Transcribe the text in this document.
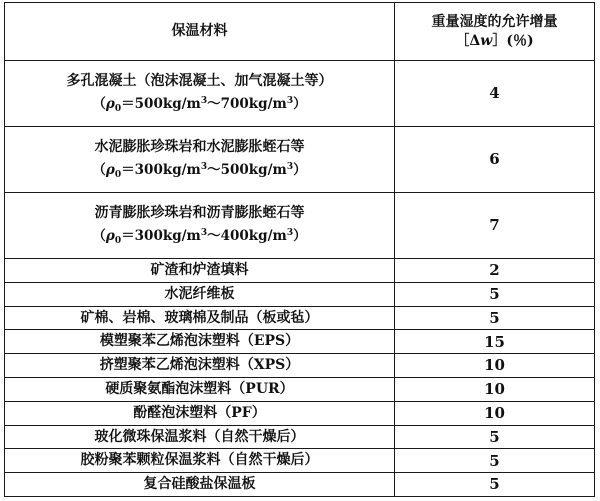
保温材料	重量湿度的允许增量
［Δw］(％)

多孔混凝土（泡沫混凝土、加气混凝土等）
$(\rho_0=500kg/m^3\sim 700kg/m^3)$	4

水泥膨胀珍珠岩和水泥膨胀蛭石等
$(\rho_0=300kg/m^3\sim 500kg/m^3)$	6

沥青膨胀珍珠岩和沥青膨胀蛭石等
$(\rho_0=300kg/m^3\sim 400kg/m^3)$	7
矿渣和炉渣填料	2
水泥纤维板	5
矿棉、岩棉、玻璃棉及制品（板或毡）	5
模塑聚苯乙烯泡沫塑料（EPS）	15
挤塑聚苯乙烯泡沫塑料（XPS）	10
硬质聚氨酯泡沫塑料（PUR）	10
酚醛泡沫塑料（PF）	10
玻化微珠保温浆料（自然干燥后）	5
胶粉聚苯颗粒保温浆料（自然干燥后）	5
复合硅酸盐保温板	5
